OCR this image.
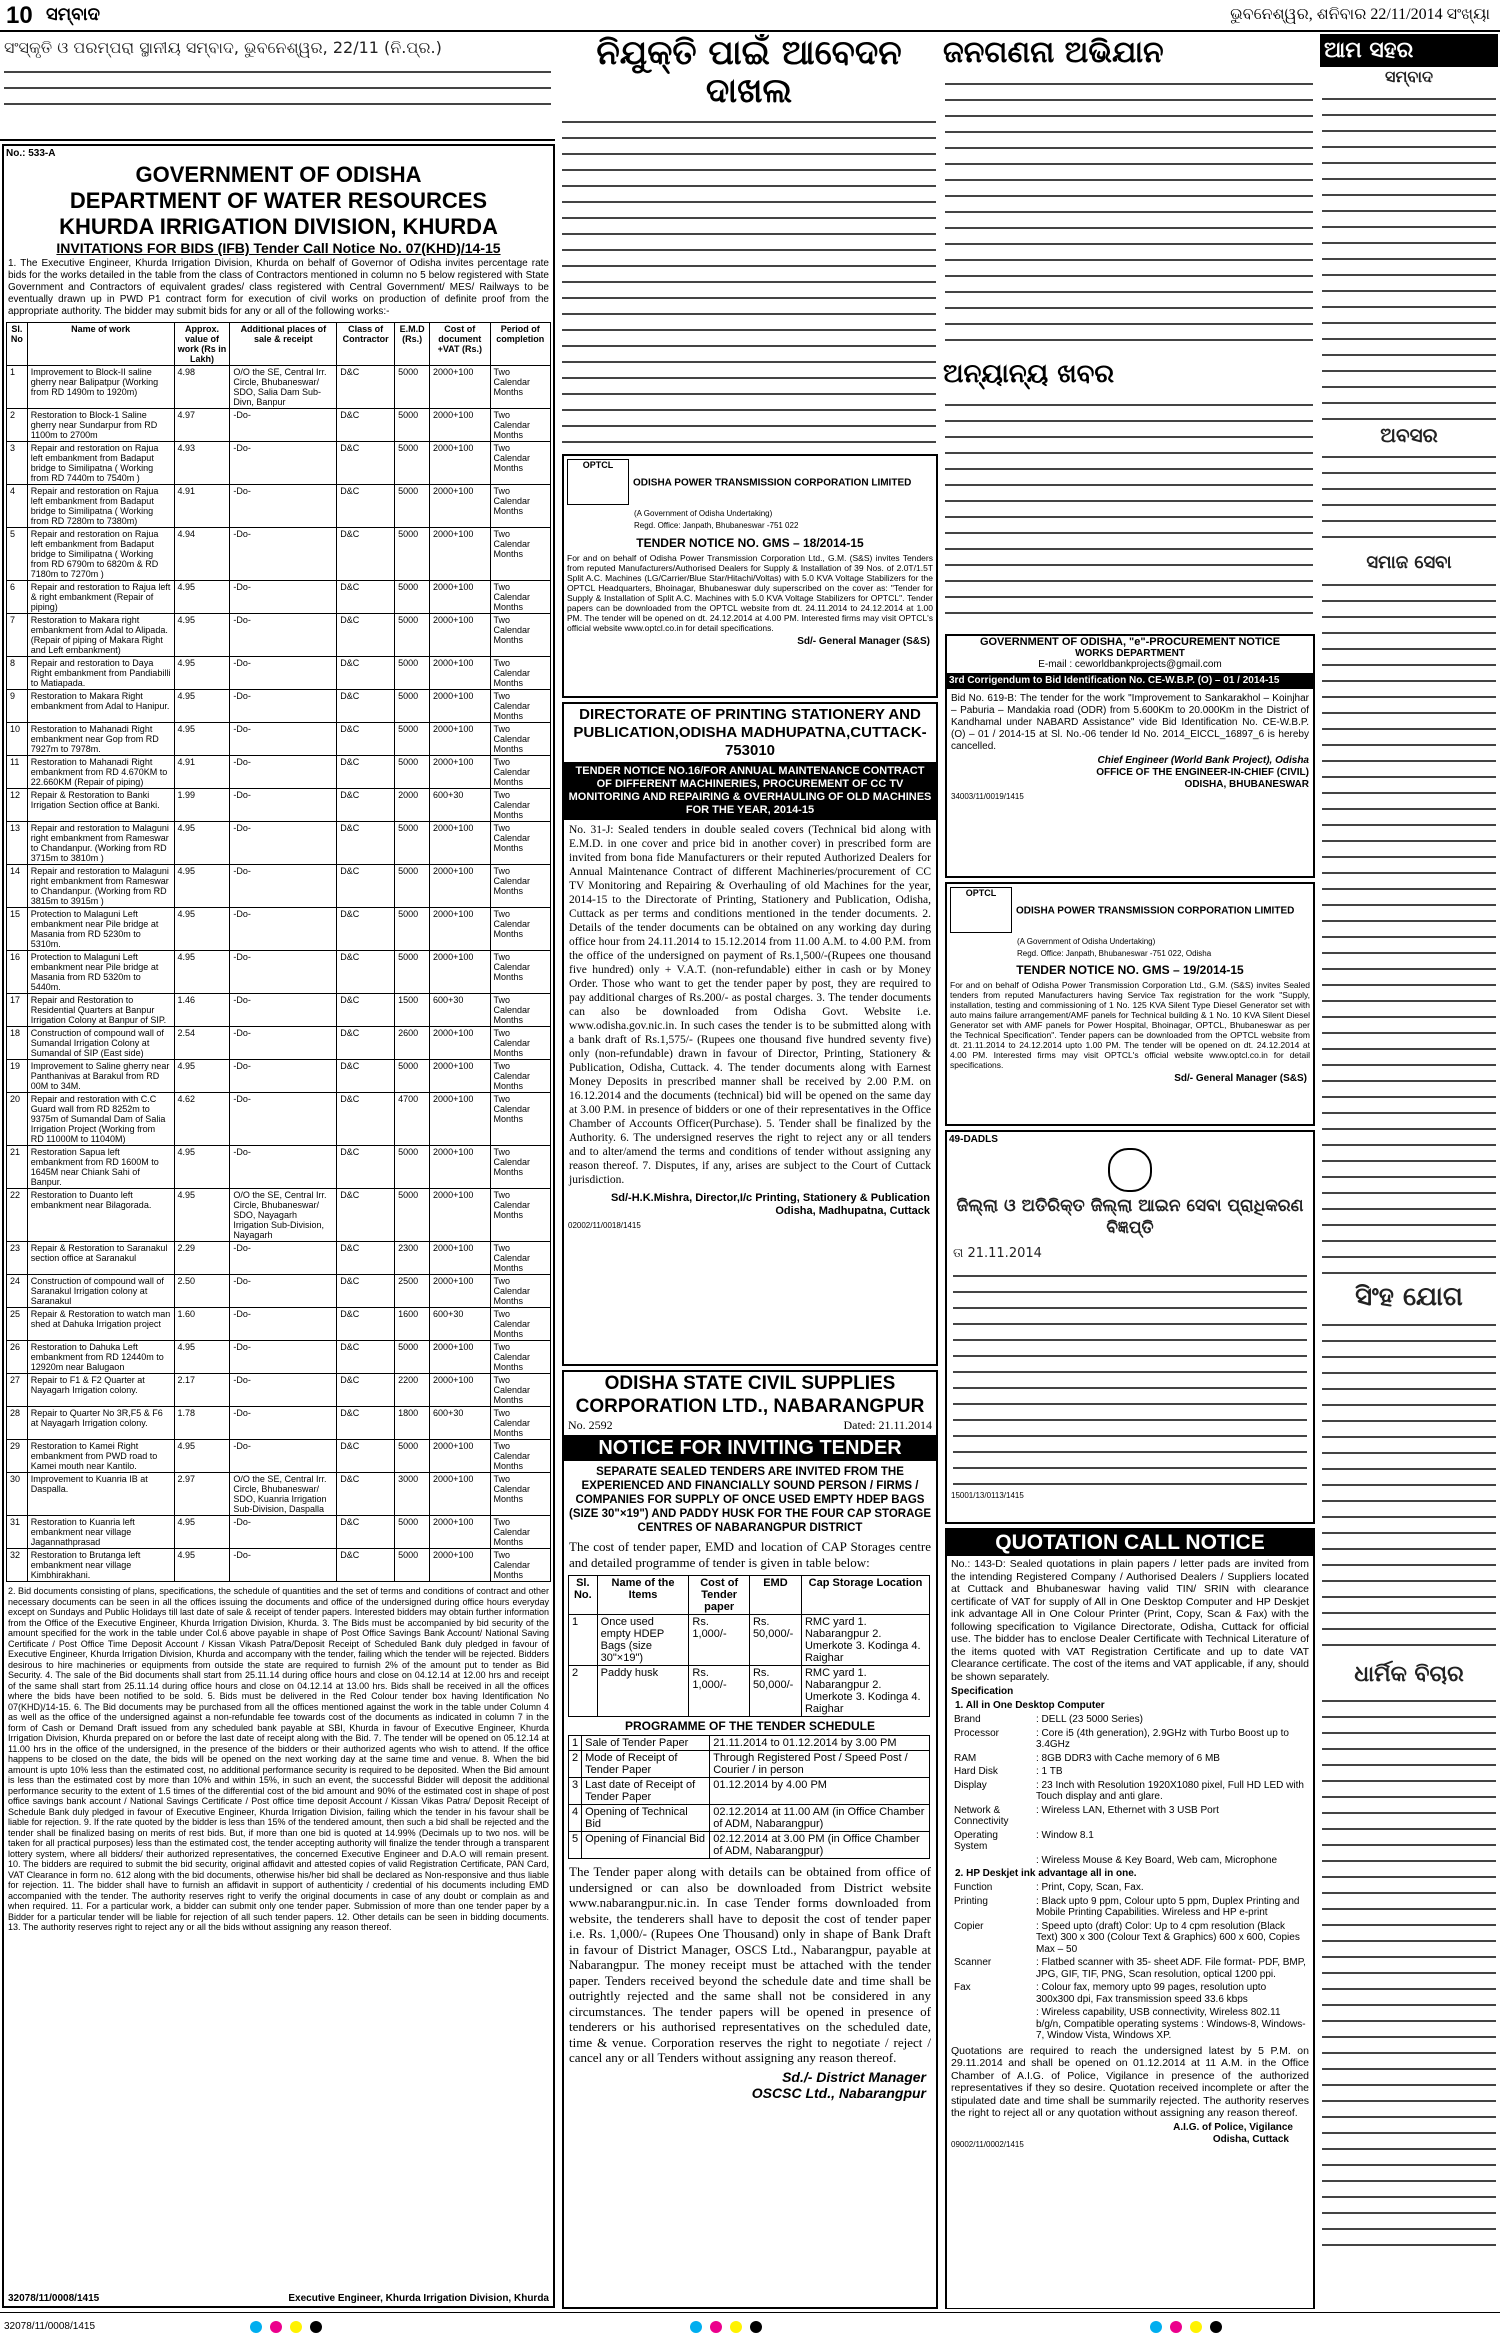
10 ସମ୍ବାଦ	ଭୁବନେଶ୍ୱର, ଶନିବାର 22/11/2014 ସଂଖ୍ୟା
ସଂସ୍କୃତି ଓ ପରମ୍ପରା ସ୍ଥାନୀୟ ସମ୍ବାଦ, ଭୁବନେଶ୍ୱର, 22/11 (ନି.ପ୍ର.)
No.: 533-A
GOVERNMENT OF ODISHA
DEPARTMENT OF WATER RESOURCES
KHURDA IRRIGATION DIVISION, KHURDA
INVITATIONS FOR BIDS (IFB) Tender Call Notice No. 07(KHD)/14-15
1. The Executive Engineer, Khurda Irrigation Division, Khurda on behalf of Governor of Odisha invites percentage rate bids for the works detailed in the table from the class of Contractors mentioned in column no 5 below registered with State Government and Contractors of equivalent grades/ class registered with Central Government/ MES/ Railways to be eventually drawn up in PWD P1 contract form for execution of civil works on production of definite proof from the appropriate authority. The bidder may submit bids for any or all of the following works:-
Sl. No	Name of work	Approx. value of work (Rs in Lakh)	Additional places of sale & receipt	Class of Contractor	E.M.D (Rs.)	Cost of document +VAT (Rs.)	Period of completion
1	Improvement to Block-II saline gherry near Balipatpur (Working from RD 1490m to 1920m)	4.98	O/O the SE, Central Irr. Circle, Bhubaneswar/ SDO, Salia Dam Sub-Divn, Banpur	D&C	5000	2000+100	Two Calendar Months
2	Restoration to Block-1 Saline gherry near Sundarpur from RD 1100m to 2700m	4.97	-Do-	D&C	5000	2000+100	Two Calendar Months
3	Repair and restoration on Rajua left embankment from Badaput bridge to Similipatna ( Working from RD 7440m to 7540m )	4.93	-Do-	D&C	5000	2000+100	Two Calendar Months
4	Repair and restoration on Rajua left embankment from Badaput bridge to Similipatna ( Working from RD 7280m to 7380m)	4.91	-Do-	D&C	5000	2000+100	Two Calendar Months
5	Repair and restoration on Rajua left embankment from Badaput bridge to Similipatna ( Working from RD 6790m to 6820m & RD 7180m to 7270m )	4.94	-Do-	D&C	5000	2000+100	Two Calendar Months
6	Repair and restoration to Rajua left & right embankment (Repair of piping)	4.95	-Do-	D&C	5000	2000+100	Two Calendar Months
7	Restoration to Makara right embankment from Adal to Alipada. (Repair of piping of Makara Right and Left embankment)	4.95	-Do-	D&C	5000	2000+100	Two Calendar Months
8	Repair and restoration to Daya Right embankment from Pandiabilli to Matiapada.	4.95	-Do-	D&C	5000	2000+100	Two Calendar Months
9	Restoration to Makara Right embankment from Adal to Hanipur.	4.95	-Do-	D&C	5000	2000+100	Two Calendar Months
10	Restoration to Mahanadi Right embankment near Gop from RD 7927m to 7978m.	4.95	-Do-	D&C	5000	2000+100	Two Calendar Months
11	Restoration to Mahanadi Right embankment from RD 4.670KM to 22.660KM (Repair of piping)	4.91	-Do-	D&C	5000	2000+100	Two Calendar Months
12	Repair & Restoration to Banki Irrigation Section office at Banki.	1.99	-Do-	D&C	2000	600+30	Two Calendar Months
13	Repair and restoration to Malaguni right embankment from Rameswar to Chandanpur. (Working from RD 3715m to 3810m )	4.95	-Do-	D&C	5000	2000+100	Two Calendar Months
14	Repair and restoration to Malaguni right embankment from Rameswar to Chandanpur. (Working from RD 3815m to 3915m )	4.95	-Do-	D&C	5000	2000+100	Two Calendar Months
15	Protection to Malaguni Left embankment near Pile bridge at Masania from RD 5230m to 5310m.	4.95	-Do-	D&C	5000	2000+100	Two Calendar Months
16	Protection to Malaguni Left embankment near Pile bridge at Masania from RD 5320m to 5440m.	4.95	-Do-	D&C	5000	2000+100	Two Calendar Months
17	Repair and Restoration to Residential Quarters at Banpur Irrigation Colony at Banpur of SIP.	1.46	-Do-	D&C	1500	600+30	Two Calendar Months
18	Construction of compound wall of Sumandal Irrigation Colony at Sumandal of SIP (East side)	2.54	-Do-	D&C	2600	2000+100	Two Calendar Months
19	Improvement to Saline gherry near Panthanivas at Barakul from RD 00M to 34M.	4.95	-Do-	D&C	5000	2000+100	Two Calendar Months
20	Repair and restoration with C.C Guard wall from RD 8252m to 9375m of Sumandal Dam of Salia Irrigation Project (Working from RD 11000M to 11040M)	4.62	-Do-	D&C	4700	2000+100	Two Calendar Months
21	Restoration Sapua left embankment from RD 1600M to 1645M near Chiank Sahi of Banpur.	4.95	-Do-	D&C	5000	2000+100	Two Calendar Months
22	Restoration to Duanto left embankment near Bilagorada.	4.95	O/O the SE, Central Irr. Circle, Bhubaneswar/ SDO, Nayagarh Irrigation Sub-Division, Nayagarh	D&C	5000	2000+100	Two Calendar Months
23	Repair & Restoration to Saranakul section office at Saranakul	2.29	-Do-	D&C	2300	2000+100	Two Calendar Months
24	Construction of compound wall of Saranakul Irrigation colony at Saranakul	2.50	-Do-	D&C	2500	2000+100	Two Calendar Months
25	Repair & Restoration to watch man shed at Dahuka Irrigation project	1.60	-Do-	D&C	1600	600+30	Two Calendar Months
26	Restoration to Dahuka Left embankment from RD 12440m to 12920m near Balugaon	4.95	-Do-	D&C	5000	2000+100	Two Calendar Months
27	Repair to F1 & F2 Quarter at Nayagarh Irrigation colony.	2.17	-Do-	D&C	2200	2000+100	Two Calendar Months
28	Repair to Quarter No 3R,F5 & F6 at Nayagarh Irrigation colony.	1.78	-Do-	D&C	1800	600+30	Two Calendar Months
29	Restoration to Kamei Right embankment from PWD road to Kamei mouth near Kantilo.	4.95	-Do-	D&C	5000	2000+100	Two Calendar Months
30	Improvement to Kuanria IB at Daspalla.	2.97	O/O the SE, Central Irr. Circle, Bhubaneswar/ SDO, Kuanria Irrigation Sub-Division, Daspalla	D&C	3000	2000+100	Two Calendar Months
31	Restoration to Kuanria left embankment near village Jagannathprasad	4.95	-Do-	D&C	5000	2000+100	Two Calendar Months
32	Restoration to Brutanga left embankment near village Kimbhirakhani.	4.95	-Do-	D&C	5000	2000+100	Two Calendar Months
2. Bid documents consisting of plans, specifications, the schedule of quantities and the set of terms and conditions of contract and other necessary documents can be seen in all the offices issuing the documents and office of the undersigned during office hours everyday except on Sundays and Public Holidays till last date of sale & receipt of tender papers. Interested bidders may obtain further information from the Office of the Executive Engineer, Khurda Irrigation Division, Khurda. 3. The Bids must be accompanied by bid security of the amount specified for the work in the table under Col.6 above payable in shape of Post Office Savings Bank Account/ National Saving Certificate / Post Office Time Deposit Account / Kissan Vikash Patra/Deposit Receipt of Scheduled Bank duly pledged in favour of Executive Engineer, Khurda Irrigation Division, Khurda and accompany with the tender, failing which the tender will be rejected. Bidders desirous to hire machineries or equipments from outside the state are required to furnish 2% of the amount put to tender as Bid Security. 4. The sale of the Bid documents shall start from 25.11.14 during office hours and close on 04.12.14 at 12.00 hrs and receipt of the same shall start from 25.11.14 during office hours and close on 04.12.14 at 13.00 hrs. Bids shall be received in all the offices where the bids have been notified to be sold. 5. Bids must be delivered in the Red Colour tender box having Identification No 07(KHD)/14-15. 6. The Bid documents may be purchased from all the offices mentioned against the work in the table under Column 4 as well as the office of the undersigned against a non-refundable fee towards cost of the documents as indicated in column 7 in the form of Cash or Demand Draft issued from any scheduled bank payable at SBI, Khurda in favour of Executive Engineer, Khurda Irrigation Division, Khurda prepared on or before the last date of receipt along with the Bid. 7. The tender will be opened on 05.12.14 at 11.00 hrs in the office of the undersigned, in the presence of the bidders or their authorized agents who wish to attend. If the office happens to be closed on the date, the bids will be opened on the next working day at the same time and venue. 8. When the bid amount is upto 10% less than the estimated cost, no additional performance security is required to be deposited. When the Bid amount is less than the estimated cost by more than 10% and within 15%, in such an event, the successful Bidder will deposit the additional performance security to the extent of 1.5 times of the differential cost of the bid amount and 90% of the estimated cost in shape of post office savings bank account / National Savings Certificate / Post office time deposit Account / Kissan Vikas Patra/ Deposit Receipt of Schedule Bank duly pledged in favour of Executive Engineer, Khurda Irrigation Division, failing which the tender in his favour shall be liable for rejection. 9. If the rate quoted by the bidder is less than 15% of the tendered amount, then such a bid shall be rejected and the tender shall be finalized basing on merits of rest bids. But, if more than one bid is quoted at 14.99% (Decimals up to two nos. will be taken for all practical purposes) less than the estimated cost, the tender accepting authority will finalize the tender through a transparent lottery system, where all bidders/ their authorized representatives, the concerned Executive Engineer and D.A.O will remain present. 10. The bidders are required to submit the bid security, original affidavit and attested copies of valid Registration Certificate, PAN Card, VAT Clearance in form no. 612 along with the bid documents, otherwise his/her bid shall be declared as Non-responsive and thus liable for rejection. 11. The bidder shall have to furnish an affidavit in support of authenticity / credential of his documents including EMD accompanied with the tender. The authority reserves right to verify the original documents in case of any doubt or complain as and when required. 11. For a particular work, a bidder can submit only one tender paper. Submission of more than one tender paper by a Bidder for a particular tender will be liable for rejection of all such tender papers. 12. Other details can be seen in bidding documents. 13. The authority reserves right to reject any or all the bids without assigning any reason thereof.
32078/11/0008/1415	Executive Engineer, Khurda Irrigation Division, Khurda
ନିଯୁକ୍ତି ପାଇଁ ଆବେଦନ ଦାଖଲ
OPTCL ODISHA POWER TRANSMISSION CORPORATION LIMITED
(A Government of Odisha Undertaking)
Regd. Office: Janpath, Bhubaneswar -751 022
TENDER NOTICE NO. GMS – 18/2014-15
For and on behalf of Odisha Power Transmission Corporation Ltd., G.M. (S&S) invites Tenders from reputed Manufacturers/Authorised Dealers for Supply & Installation of 39 Nos. of 2.0T/1.5T Split A.C. Machines (LG/Carrier/Blue Star/Hitachi/Voltas) with 5.0 KVA Voltage Stabilizers for the OPTCL Headquarters, Bhoinagar, Bhubaneswar duly superscribed on the cover as: "Tender for Supply & Installation of Split A.C. Machines with 5.0 KVA Voltage Stabilizers for OPTCL". Tender papers can be downloaded from the OPTCL website from dt. 24.11.2014 to 24.12.2014 at 1.00 PM. The tender will be opened on dt. 24.12.2014 at 4.00 PM. Interested firms may visit OPTCL's official website www.optcl.co.in for detail specifications.
Sd/- General Manager (S&S)
DIRECTORATE OF PRINTING STATIONERY AND PUBLICATION,ODISHA MADHUPATNA,CUTTACK-753010
TENDER NOTICE NO.16/FOR ANNUAL MAINTENANCE CONTRACT OF DIFFERENT MACHINERIES, PROCUREMENT OF CC TV MONITORING AND REPAIRING & OVERHAULING OF OLD MACHINES FOR THE YEAR, 2014-15
No. 31-J: Sealed tenders in double sealed covers (Technical bid along with E.M.D. in one cover and price bid in another cover) in prescribed form are invited from bona fide Manufacturers or their reputed Authorized Dealers for Annual Maintenance Contract of different Machineries/procurement of CC TV Monitoring and Repairing & Overhauling of old Machines for the year, 2014-15 to the Directorate of Printing, Stationery and Publication, Odisha, Cuttack as per terms and conditions mentioned in the tender documents. 2. Details of the tender documents can be obtained on any working day during office hour from 24.11.2014 to 15.12.2014 from 11.00 A.M. to 4.00 P.M. from the office of the undersigned on payment of Rs.1,500/-(Rupees one thousand five hundred) only + V.A.T. (non-refundable) either in cash or by Money Order. Those who want to get the tender paper by post, they are required to pay additional charges of Rs.200/- as postal charges. 3. The tender documents can also be downloaded from Odisha Govt. Website i.e. www.odisha.gov.nic.in. In such cases the tender is to be submitted along with a bank draft of Rs.1,575/- (Rupees one thousand five hundred seventy five) only (non-refundable) drawn in favour of Director, Printing, Stationery & Publication, Odisha, Cuttack. 4. The tender documents along with Earnest Money Deposits in prescribed manner shall be received by 2.00 P.M. on 16.12.2014 and the documents (technical) bid will be opened on the same day at 3.00 P.M. in presence of bidders or one of their representatives in the Office Chamber of Accounts Officer(Purchase). 5. Tender shall be finalized by the Authority. 6. The undersigned reserves the right to reject any or all tenders and to alter/amend the terms and conditions of tender without assigning any reason thereof. 7. Disputes, if any, arises are subject to the Court of Cuttack jurisdiction.
Sd/-H.K.Mishra, Director,I/c Printing, Stationery & Publication Odisha, Madhupatna, Cuttack
02002/11/0018/1415
ODISHA STATE CIVIL SUPPLIES CORPORATION LTD., NABARANGPUR
No. 2592	Dated: 21.11.2014
NOTICE FOR INVITING TENDER
SEPARATE SEALED TENDERS ARE INVITED FROM THE EXPERIENCED AND FINANCIALLY SOUND PERSON / FIRMS / COMPANIES FOR SUPPLY OF ONCE USED EMPTY HDEP BAGS (SIZE 30"×19") AND PADDY HUSK FOR THE FOUR CAP STORAGE CENTRES OF NABARANGPUR DISTRICT
The cost of tender paper, EMD and location of CAP Storages centre and detailed programme of tender is given in table below:
Sl. No.	Name of the Items	Cost of Tender paper	EMD	Cap Storage Location
1	Once used empty HDEP Bags (size 30"×19")	Rs. 1,000/-	Rs. 50,000/-	RMC yard 1. Nabarangpur 2. Umerkote 3. Kodinga 4. Raighar
2	Paddy husk	Rs. 1,000/-	Rs. 50,000/-	RMC yard 1. Nabarangpur 2. Umerkote 3. Kodinga 4. Raighar
PROGRAMME OF THE TENDER SCHEDULE
1	Sale of Tender Paper	21.11.2014 to 01.12.2014 by 3.00 PM
2	Mode of Receipt of Tender Paper	Through Registered Post / Speed Post / Courier / in person
3	Last date of Receipt of Tender Paper	01.12.2014 by 4.00 PM
4	Opening of Technical Bid	02.12.2014 at 11.00 AM (in Office Chamber of ADM, Nabarangpur)
5	Opening of Financial Bid	02.12.2014 at 3.00 PM (in Office Chamber of ADM, Nabarangpur)
The Tender paper along with details can be obtained from office of undersigned or can also be downloaded from District website www.nabarangpur.nic.in. In case Tender forms downloaded from website, the tenderers shall have to deposit the cost of tender paper i.e. Rs. 1,000/- (Rupees One Thousand) only in shape of Bank Draft in favour of District Manager, OSCS Ltd., Nabarangpur, payable at Nabarangpur. The money receipt must be attached with the tender paper. Tenders received beyond the schedule date and time shall be outrightly rejected and the same shall not be considered in any circumstances. The tender papers will be opened in presence of tenderers or his authorised representatives on the scheduled date, time & venue. Corporation reserves the right to negotiate / reject / cancel any or all Tenders without assigning any reason thereof.
Sd./- District Manager
OSCSC Ltd., Nabarangpur
ଜନଗଣନା ଅଭିଯାନ
ଅନ୍ୟାନ୍ୟ ଖବର
GOVERNMENT OF ODISHA, "e"-PROCUREMENT NOTICE
WORKS DEPARTMENT
E-mail : ceworldbankprojects@gmail.com
3rd Corrigendum to Bid Identification No. CE-W.B.P. (O) – 01 / 2014-15
Bid No. 619-B: The tender for the work "Improvement to Sankarakhol – Koinjhar – Paburia – Mandakia road (ODR) from 5.600Km to 20.000Km in the District of Kandhamal under NABARD Assistance" vide Bid Identification No. CE-W.B.P. (O) – 01 / 2014-15 at Sl. No.-06 tender Id No. 2014_EICCL_16897_6 is hereby cancelled.
Chief Engineer (World Bank Project), Odisha
OFFICE OF THE ENGINEER-IN-CHIEF (CIVIL)
ODISHA, BHUBANESWAR
34003/11/0019/1415
OPTCL ODISHA POWER TRANSMISSION CORPORATION LIMITED
(A Government of Odisha Undertaking)
Regd. Office: Janpath, Bhubaneswar -751 022, Odisha
TENDER NOTICE NO. GMS – 19/2014-15
For and on behalf of Odisha Power Transmission Corporation Ltd., G.M. (S&S) invites Sealed tenders from reputed Manufacturers having Service Tax registration for the work "Supply, installation, testing and commissioning of 1 No. 125 KVA Silent Type Diesel Generator set with auto mains failure arrangement/AMF panels for Technical building & 1 No. 10 KVA Silent Diesel Generator set with AMF panels for Power Hospital, Bhoinagar, OPTCL, Bhubaneswar as per the Technical Specification". Tender papers can be downloaded from the OPTCL website from dt. 21.11.2014 to 24.12.2014 upto 1.00 PM. The tender will be opened on dt. 24.12.2014 at 4.00 PM. Interested firms may visit OPTCL's official website www.optcl.co.in for detail specifications.
Sd/- General Manager (S&S)
49-DADLS
ଜିଲ୍ଲା ଓ ଅତିରିକ୍ତ ଜିଲ୍ଲା ଆଇନ ସେବା ପ୍ରାଧିକରଣ ବିଜ୍ଞପ୍ତି
ତା 21.11.2014
15001/13/0113/1415
QUOTATION CALL NOTICE
No.: 143-D: Sealed quotations in plain papers / letter pads are invited from the intending Registered Company / Authorised Dealers / Suppliers located at Cuttack and Bhubaneswar having valid TIN/ SRIN with clearance certificate of VAT for supply of All in One Desktop Computer and HP Deskjet ink advantage All in One Colour Printer (Print, Copy, Scan & Fax) with the following specification to Vigilance Directorate, Odisha, Cuttack for official use. The bidder has to enclose Dealer Certificate with Technical Literature of the items quoted with VAT Registration Certificate and up to date VAT Clearance certificate. The cost of the items and VAT applicable, if any, should be shown separately.
Specification
1. All in One Desktop Computer
Brand	: DELL (23 5000 Series)
Processor	: Core i5 (4th generation), 2.9GHz with Turbo Boost up to 3.4GHz
RAM	: 8GB DDR3 with Cache memory of 6 MB
Hard Disk	: 1 TB
Display	: 23 Inch with Resolution 1920X1080 pixel, Full HD LED with Touch display and anti glare.
Network & Connectivity	: Wireless LAN, Ethernet with 3 USB Port
Operating System	: Window 8.1
	: Wireless Mouse & Key Board, Web cam, Microphone
2. HP Deskjet ink advantage all in one.
Function	: Print, Copy, Scan, Fax.
Printing	: Black upto 9 ppm, Colour upto 5 ppm, Duplex Printing and Mobile Printing Capabilities. Wireless and HP e-print
Copier	: Speed upto (draft) Color: Up to 4 cpm resolution (Black Text) 300 x 300 (Colour Text & Graphics) 600 x 600, Copies Max – 50
Scanner	: Flatbed scanner with 35- sheet ADF. File format- PDF, BMP, JPG, GIF, TIF, PNG, Scan resolution, optical 1200 ppi.
Fax	: Colour fax, memory upto 99 pages, resolution upto 300x300 dpi, Fax transmission speed 33.6 kbps
	: Wireless capability, USB connectivity, Wireless 802.11 b/g/n, Compatible operating systems : Windows-8, Windows-7, Window Vista, Windows XP.
Quotations are required to reach the undersigned latest by 5 P.M. on 29.11.2014 and shall be opened on 01.12.2014 at 11 A.M. in the Office Chamber of A.I.G. of Police, Vigilance in presence of the authorized representatives if they so desire. Quotation received incomplete or after the stipulated date and time shall be summarily rejected. The authority reserves the right to reject all or any quotation without assigning any reason thereof.
A.I.G. of Police, Vigilance
09002/11/0002/1415	Odisha, Cuttack
ଆମ ସହର
ସମ୍ବାଦ
ଅବସର
ସମାଜ ସେବା
ସିଂହ ଯୋଗ
ଧାର୍ମିକ ବିଚାର
32078/11/0008/1415
